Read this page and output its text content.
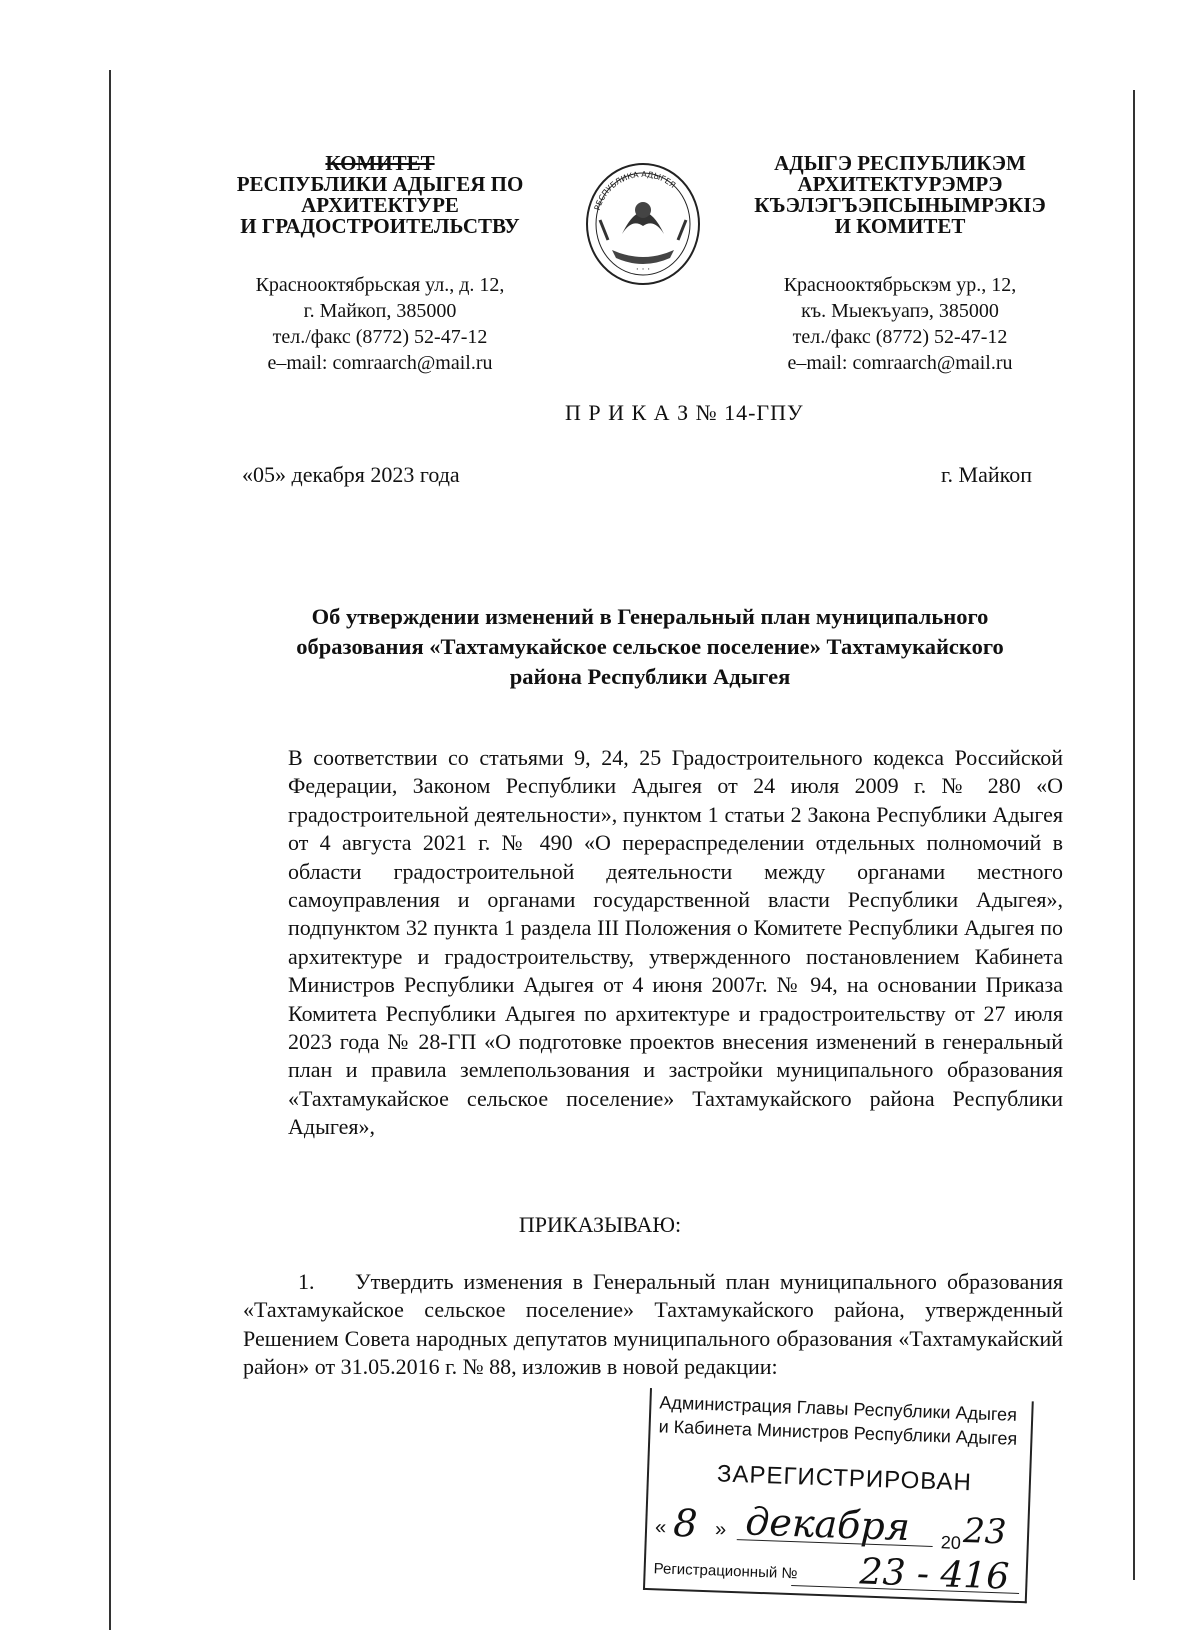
КОМИТЕТ
РЕСПУБЛИКИ АДЫГЕЯ ПО
АРХИТЕКТУРЕ
И ГРАДОСТРОИТЕЛЬСТВУ
Краснооктябрьская ул., д. 12,
г. Майкоп, 385000
тел./факс (8772) 52-47-12
e–mail: comraarch@mail.ru
РЕСПУБЛИКА АДЫГЕЯ
· · ·
АДЫГЭ РЕСПУБЛИКЭМ
АРХИТЕКТУРЭМРЭ
КЪЭЛЭГЪЭПСЫНЫМРЭКIЭ
И КОМИТЕТ
Краснооктябрьскэм ур., 12,
къ. Мыекъуапэ, 385000
тел./факс (8772) 52-47-12
e–mail: comraarch@mail.ru
П Р И К А З № 14-ГПУ
«05» декабря 2023 года	г. Майкоп
Об утверждении изменений в Генеральный план муниципального
образования «Тахтамукайское сельское поселение» Тахтамукайского
района Республики Адыгея
В соответствии со статьями 9, 24, 25 Градостроительного кодекса Российской Федерации, Законом Республики Адыгея от 24 июля 2009 г. № 280 «О градостроительной деятельности», пунктом 1 статьи 2 Закона Республики Адыгея от 4 августа 2021 г. № 490 «О перераспределении отдельных полномочий в области градостроительной деятельности между органами местного самоуправления и органами государственной власти Республики Адыгея», подпунктом 32 пункта 1 раздела III Положения о Комитете Республики Адыгея по архитектуре и градостроительству, утвержденного постановлением Кабинета Министров Республики Адыгея от 4 июня 2007г. № 94, на основании Приказа Комитета Республики Адыгея по архитектуре и градостроительству от 27 июля 2023 года № 28-ГП «О подготовке проектов внесения изменений в генеральный план и правила землепользования и застройки муниципального образования «Тахтамукайское сельское поселение» Тахтамукайского района Республики Адыгея»,
ПРИКАЗЫВАЮ:
1. Утвердить изменения в Генеральный план муниципального образования «Тахтамукайское сельское поселение» Тахтамукайского района, утвержденный Решением Совета народных депутатов муниципального образования «Тахтамукайский район» от 31.05.2016 г. № 88, изложив в новой редакции:
Администрация Главы Республики Адыгея
и Кабинета Министров Республики Адыгея
ЗАРЕГИСТРИРОВАН
« 8 » декабря 20 23
Регистрационный № 23 - 416
